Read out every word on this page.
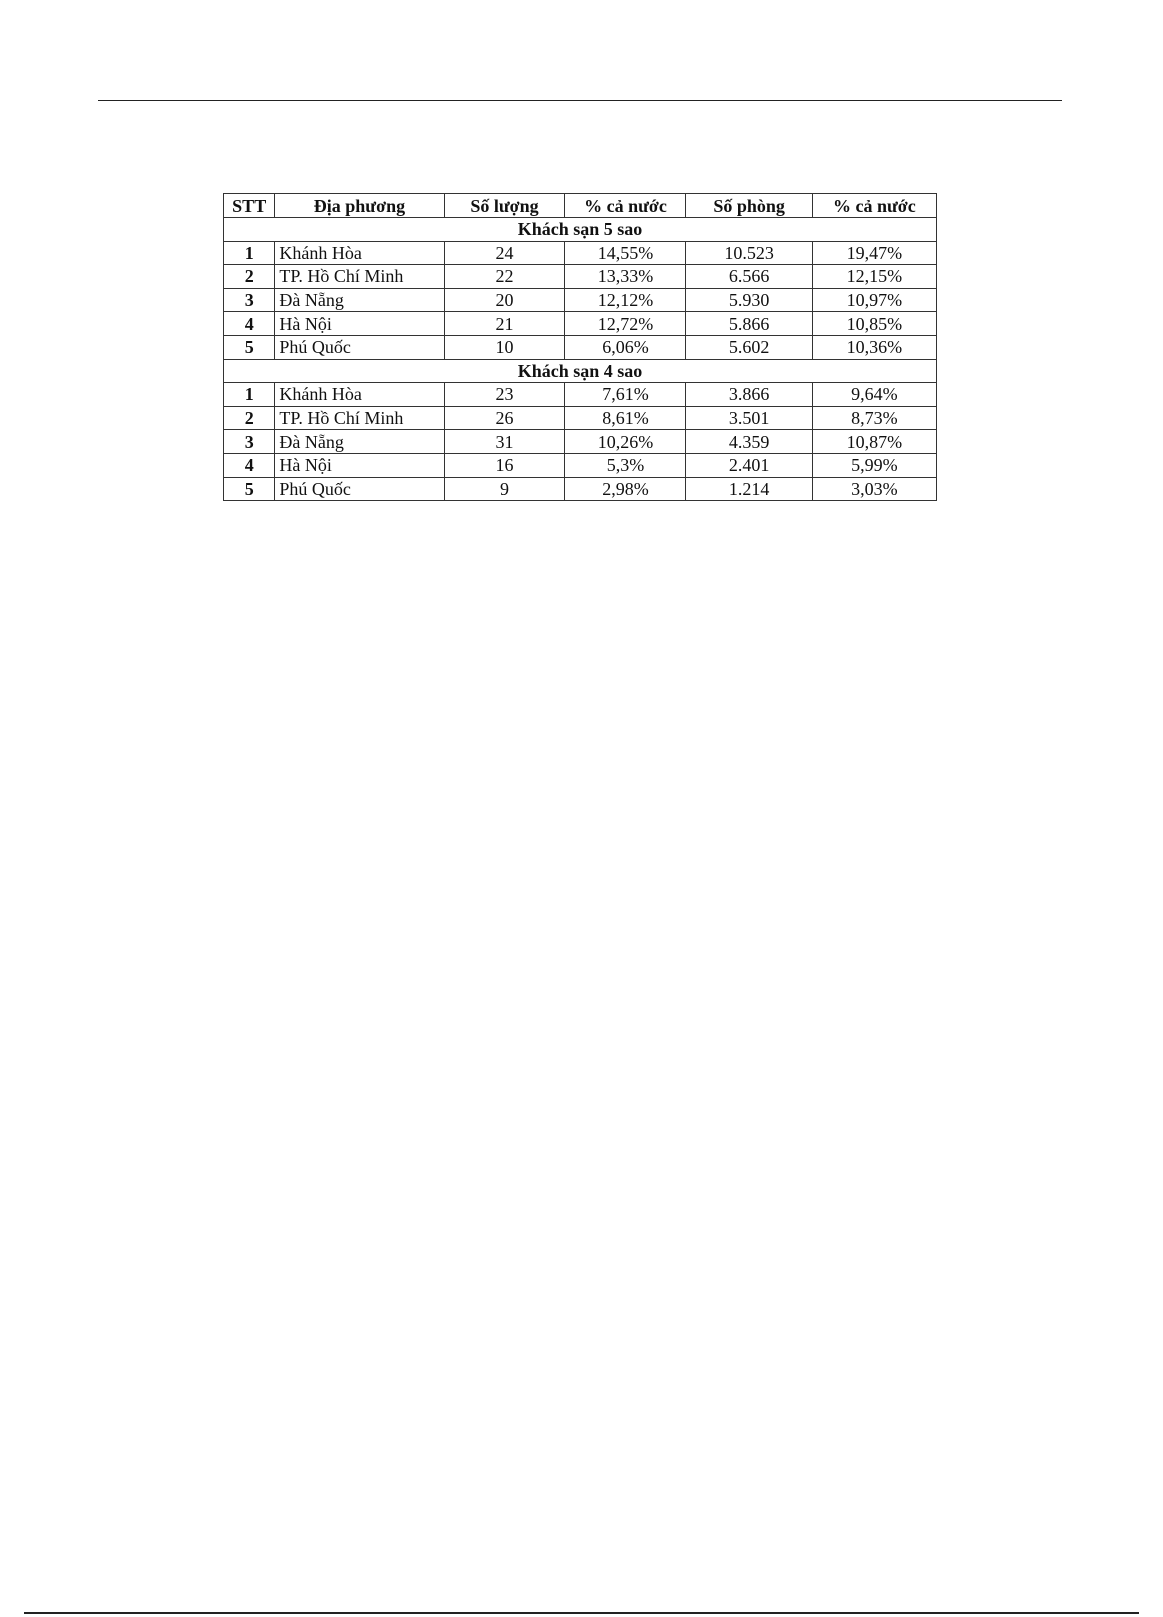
STT	Địa phương	Số lượng	% cả nước	Số phòng	% cả nước
Khách sạn 5 sao					
1	Khánh Hòa	24	14,55%	10.523	19,47%
2	TP. Hồ Chí Minh	22	13,33%	6.566	12,15%
3	Đà Nẵng	20	12,12%	5.930	10,97%
4	Hà Nội	21	12,72%	5.866	10,85%
5	Phú Quốc	10	6,06%	5.602	10,36%
Khách sạn 4 sao					
1	Khánh Hòa	23	7,61%	3.866	9,64%
2	TP. Hồ Chí Minh	26	8,61%	3.501	8,73%
3	Đà Nẵng	31	10,26%	4.359	10,87%
4	Hà Nội	16	5,3%	2.401	5,99%
5	Phú Quốc	9	2,98%	1.214	3,03%
